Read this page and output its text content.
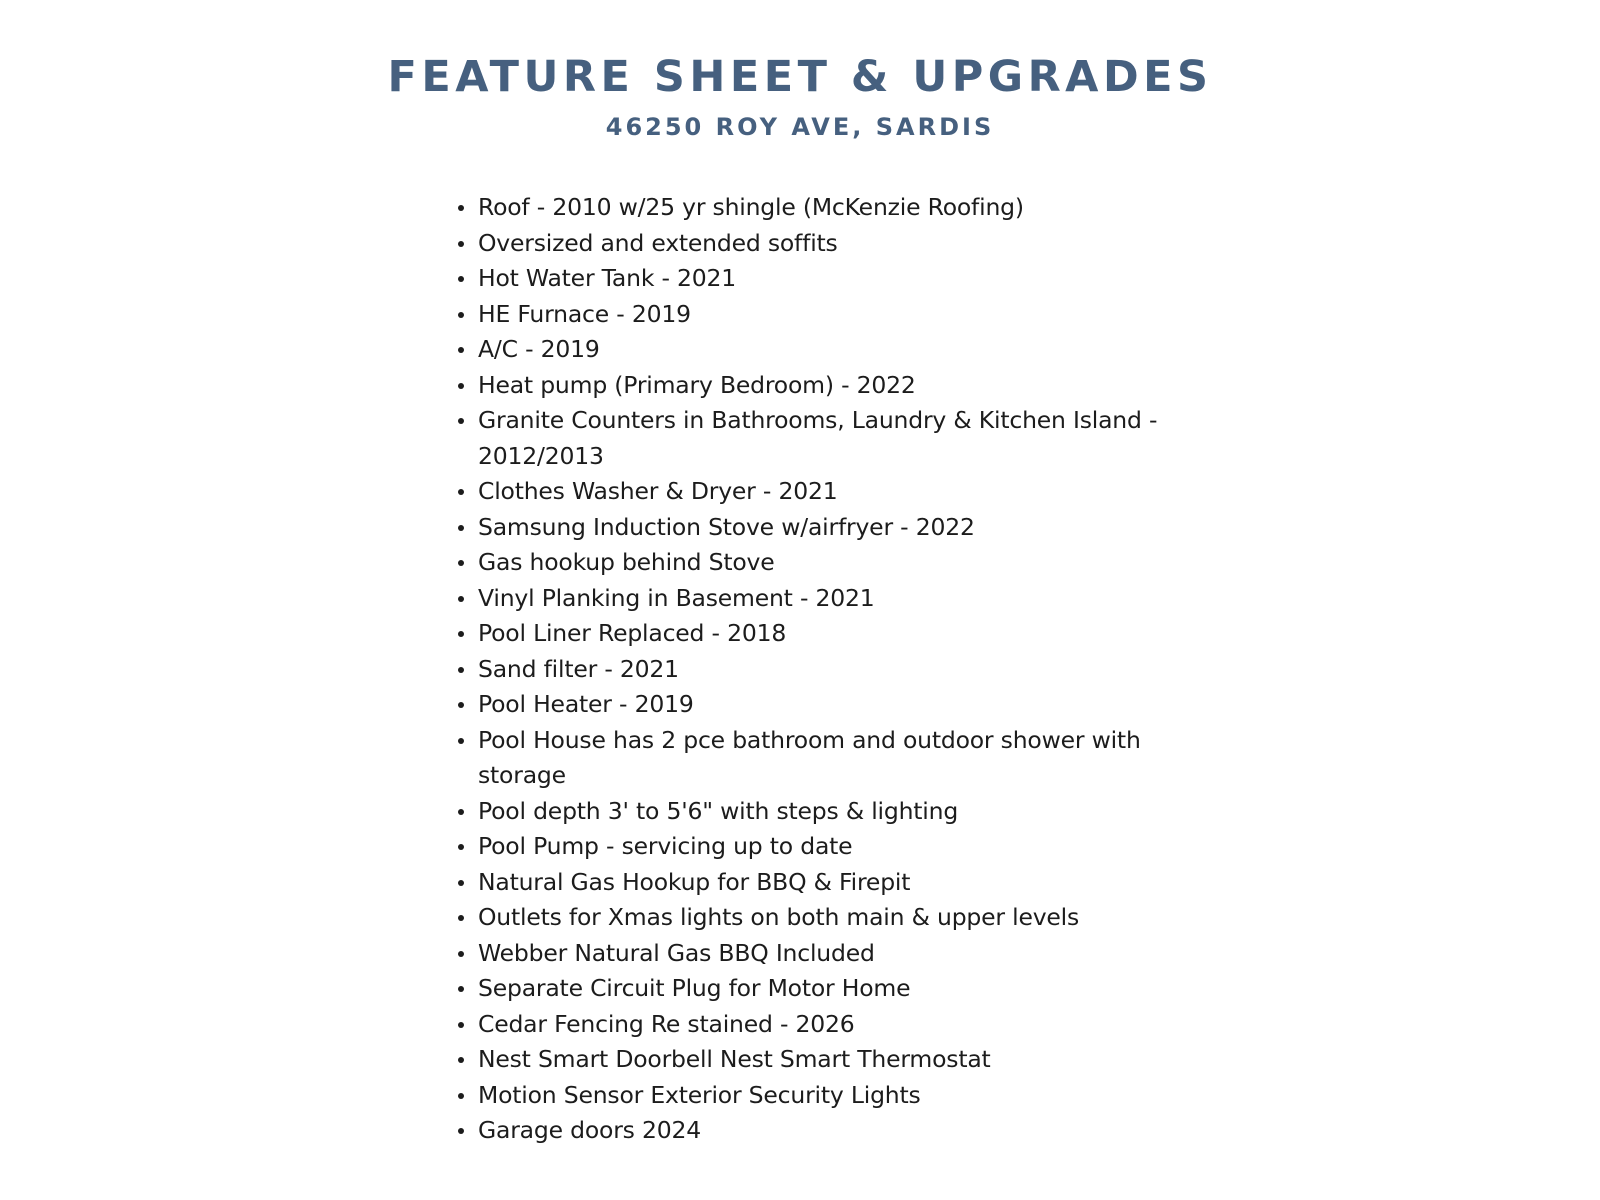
FEATURE SHEET & UPGRADES
46250 ROY AVE, SARDIS
Roof - 2010 w/25 yr shingle (McKenzie Roofing)
Oversized and extended soffits
Hot Water Tank - 2021
HE Furnace - 2019
A/C - 2019
Heat pump (Primary Bedroom) - 2022
Granite Counters in Bathrooms, Laundry & Kitchen Island - 2012/2013
Clothes Washer & Dryer - 2021
Samsung Induction Stove w/airfryer - 2022
Gas hookup behind Stove
Vinyl Planking in Basement - 2021
Pool Liner Replaced - 2018
Sand filter - 2021
Pool Heater - 2019
Pool House has 2 pce bathroom and outdoor shower with storage
Pool depth 3' to 5'6" with steps & lighting
Pool Pump - servicing up to date
Natural Gas Hookup for BBQ & Firepit
Outlets for Xmas lights on both main & upper levels
Webber Natural Gas BBQ Included
Separate Circuit Plug for Motor Home
Cedar Fencing Re stained - 2026
Nest Smart Doorbell Nest Smart Thermostat
Motion Sensor Exterior Security Lights
Garage doors 2024
